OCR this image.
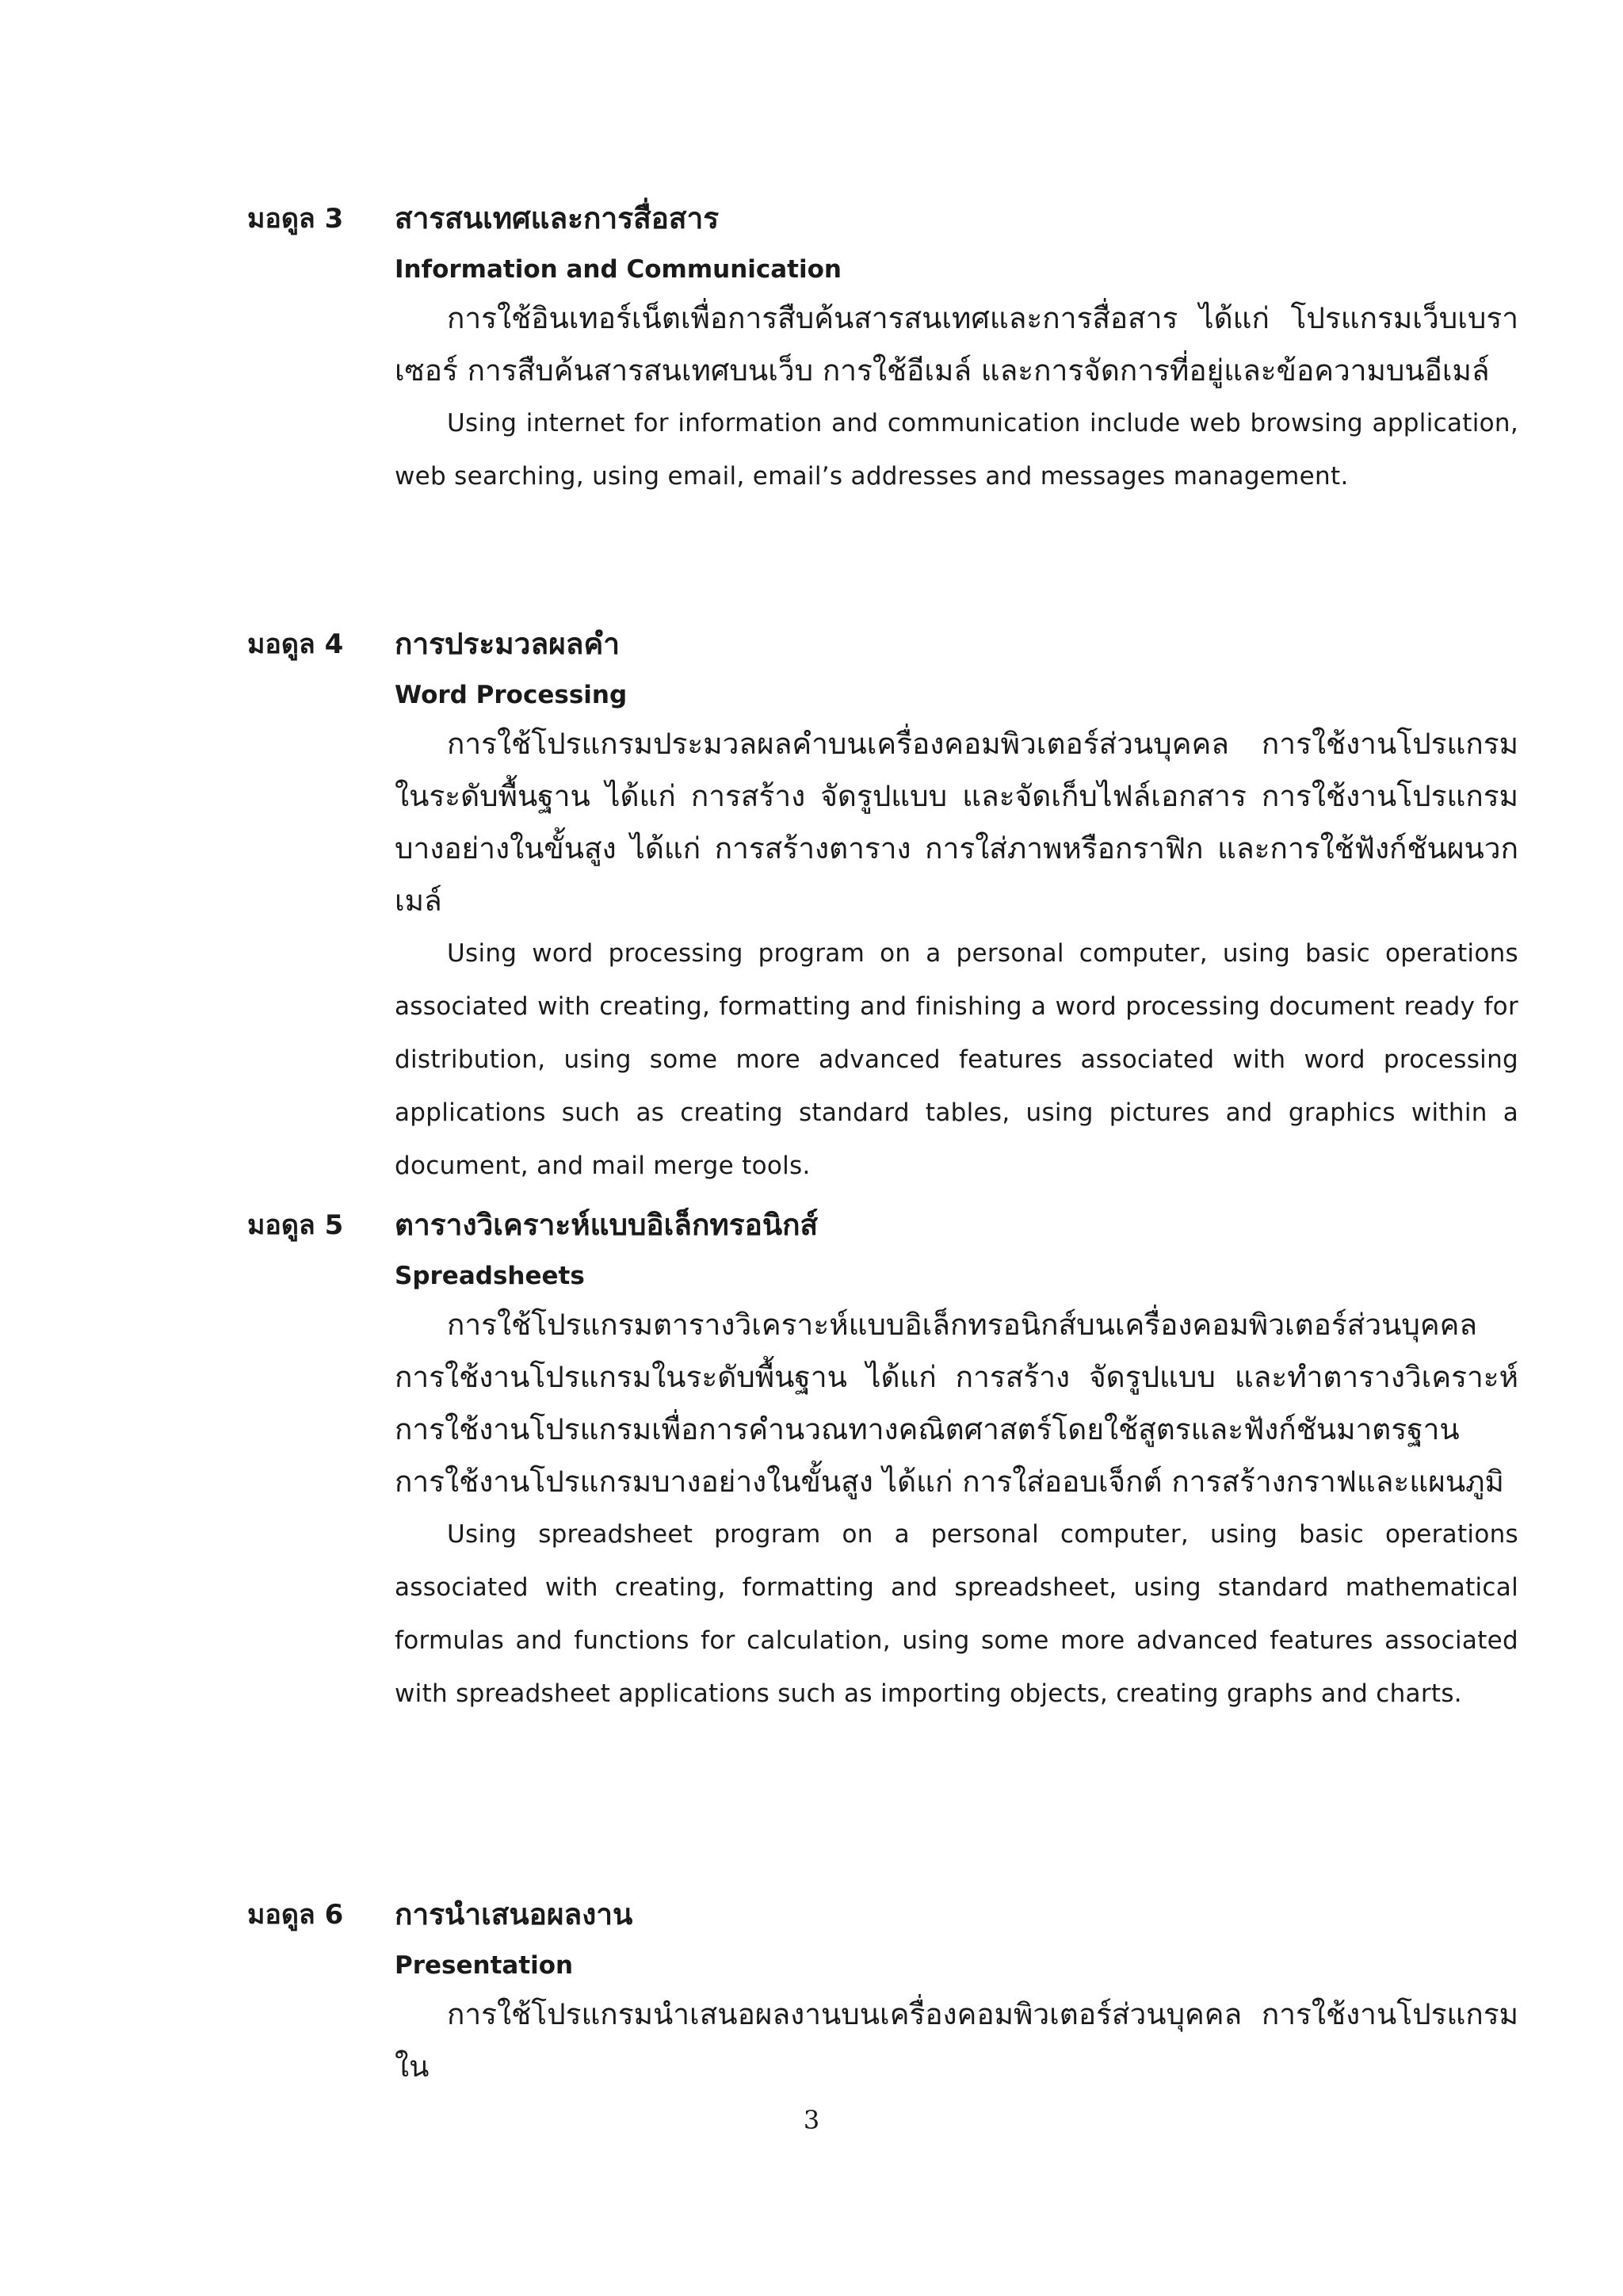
มอดูล 3	สารสนเทศและการสื่อสาร

Information and Communication

การใช้อินเทอร์เน็ตเพื่อการสืบค้นสารสนเทศและการสื่อสาร ได้แก่ โปรแกรมเว็บเบราเซอร์ การสืบค้นสารสนเทศบนเว็บ การใช้อีเมล์ และการจัดการที่อยู่และข้อความบนอีเมล์

Using internet for information and communication include web browsing application, web searching, using email, email’s addresses and messages management.

มอดูล 4	การประมวลผลคำ

Word Processing

การใช้โปรแกรมประมวลผลคำบนเครื่องคอมพิวเตอร์ส่วนบุคคล การใช้งานโปรแกรมในระดับพื้นฐาน ได้แก่ การสร้าง จัดรูปแบบ และจัดเก็บไฟล์เอกสาร การใช้งานโปรแกรมบางอย่างในขั้นสูง ได้แก่ การสร้างตาราง การใส่ภาพหรือกราฟิก และการใช้ฟังก์ชันผนวกเมล์

Using word processing program on a personal computer, using basic operations associated with creating, formatting and finishing a word processing document ready for distribution, using some more advanced features associated with word processing applications such as creating standard tables, using pictures and graphics within a document, and mail merge tools.

มอดูล 5	ตารางวิเคราะห์แบบอิเล็กทรอนิกส์

Spreadsheets

การใช้โปรแกรมตารางวิเคราะห์แบบอิเล็กทรอนิกส์บนเครื่องคอมพิวเตอร์ส่วนบุคคล การใช้งานโปรแกรมในระดับพื้นฐาน ได้แก่ การสร้าง จัดรูปแบบ และทำตารางวิเคราะห์ การใช้งานโปรแกรมเพื่อการคำนวณทางคณิตศาสตร์โดยใช้สูตรและฟังก์ชันมาตรฐาน การใช้งานโปรแกรมบางอย่างในขั้นสูง ได้แก่ การใส่ออบเจ็กต์ การสร้างกราฟและแผนภูมิ

Using spreadsheet program on a personal computer, using basic operations associated with creating, formatting and spreadsheet, using standard mathematical formulas and functions for calculation, using some more advanced features associated with spreadsheet applications such as importing objects, creating graphs and charts.

มอดูล 6	การนำเสนอผลงาน

Presentation

การใช้โปรแกรมนำเสนอผลงานบนเครื่องคอมพิวเตอร์ส่วนบุคคล การใช้งานโปรแกรมใน

3
